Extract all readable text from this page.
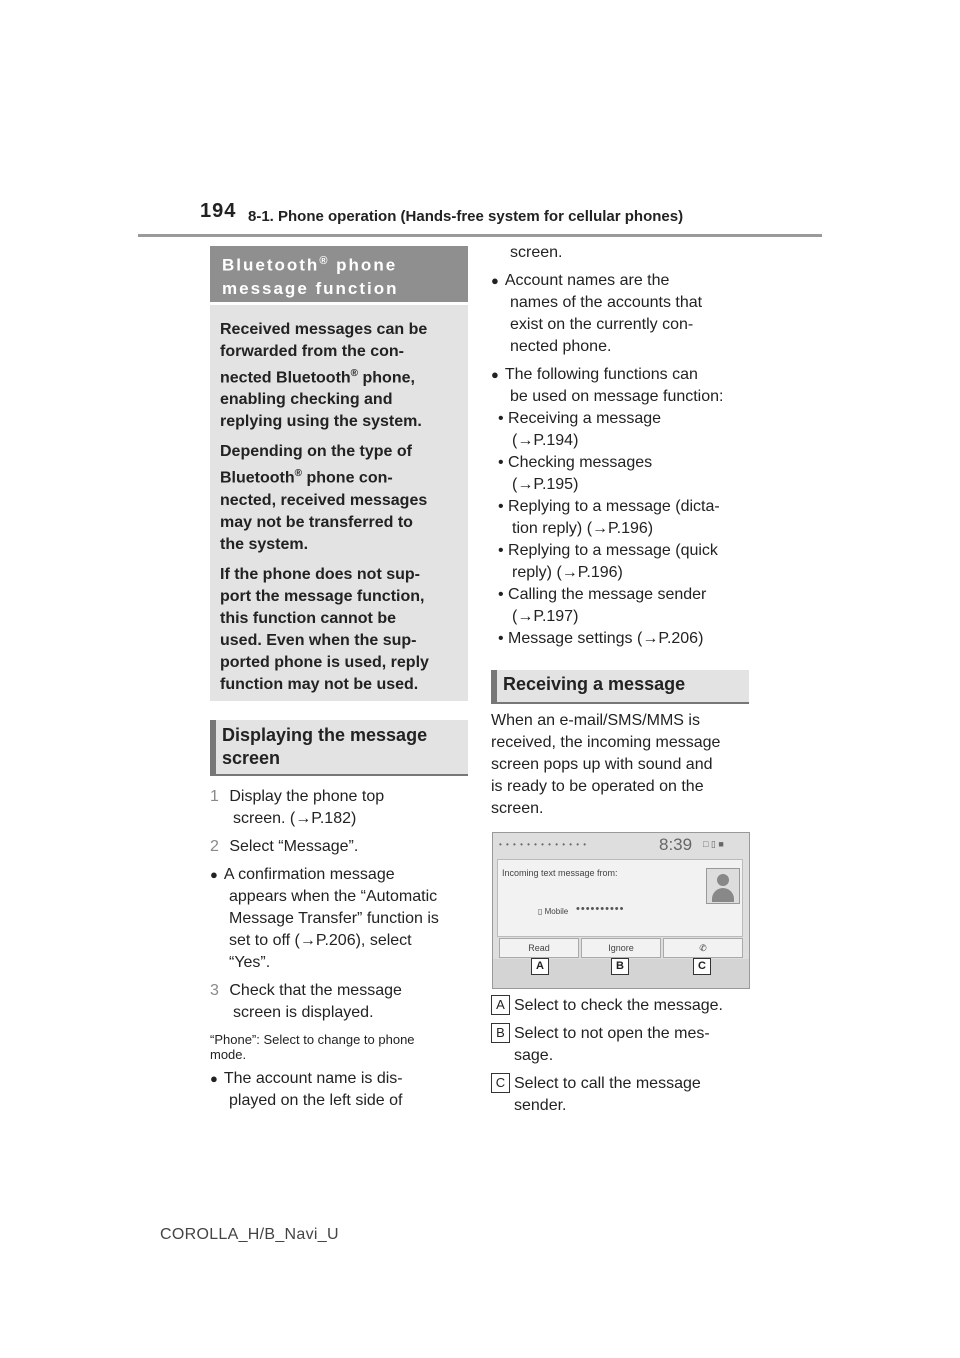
194 8-1. Phone operation (Hands-free system for cellular phones)
Bluetooth® phone
message function

Received messages can be
forwarded from the con-
nected Bluetooth® phone,
enabling checking and
replying using the system.

Depending on the type of
Bluetooth® phone con-
nected, received messages
may not be transferred to
the system.

If the phone does not sup-
port the message function,
this function cannot be
used. Even when the sup-
ported phone is used, reply
function may not be used.

Displaying the message
screen
1 Display the phone top
screen. (→P.182)
2 Select “Message”.
● A confirmation message
appears when the “Automatic
Message Transfer” function is
set to off (→P.206), select
“Yes”.
3 Check that the message
screen is displayed.
“Phone”: Select to change to phone
mode.
● The account name is dis-
played on the left side of
screen.
● Account names are the
names of the accounts that
exist on the currently con-
nected phone.
● The following functions can
be used on message function:
• Receiving a message
(→P.194)
• Checking messages
(→P.195)
• Replying to a message (dicta-
tion reply) (→P.196)
• Replying to a message (quick
reply) (→P.196)
• Calling the message sender
(→P.197)
• Message settings (→P.206)
Receiving a message
When an e-mail/SMS/MMS is
received, the incoming message
screen pops up with sound and
is ready to be operated on the
screen.
• • • • • • • • • • • • •	8:39 □ ▯ ■
Incoming text message from:
▯ Mobile ••••••••••
Read	Ignore	✆
A	B	C
A Select to check the message.
B Select to not open the mes-
sage.
C Select to call the message
sender.
COROLLA_H/B_Navi_U
